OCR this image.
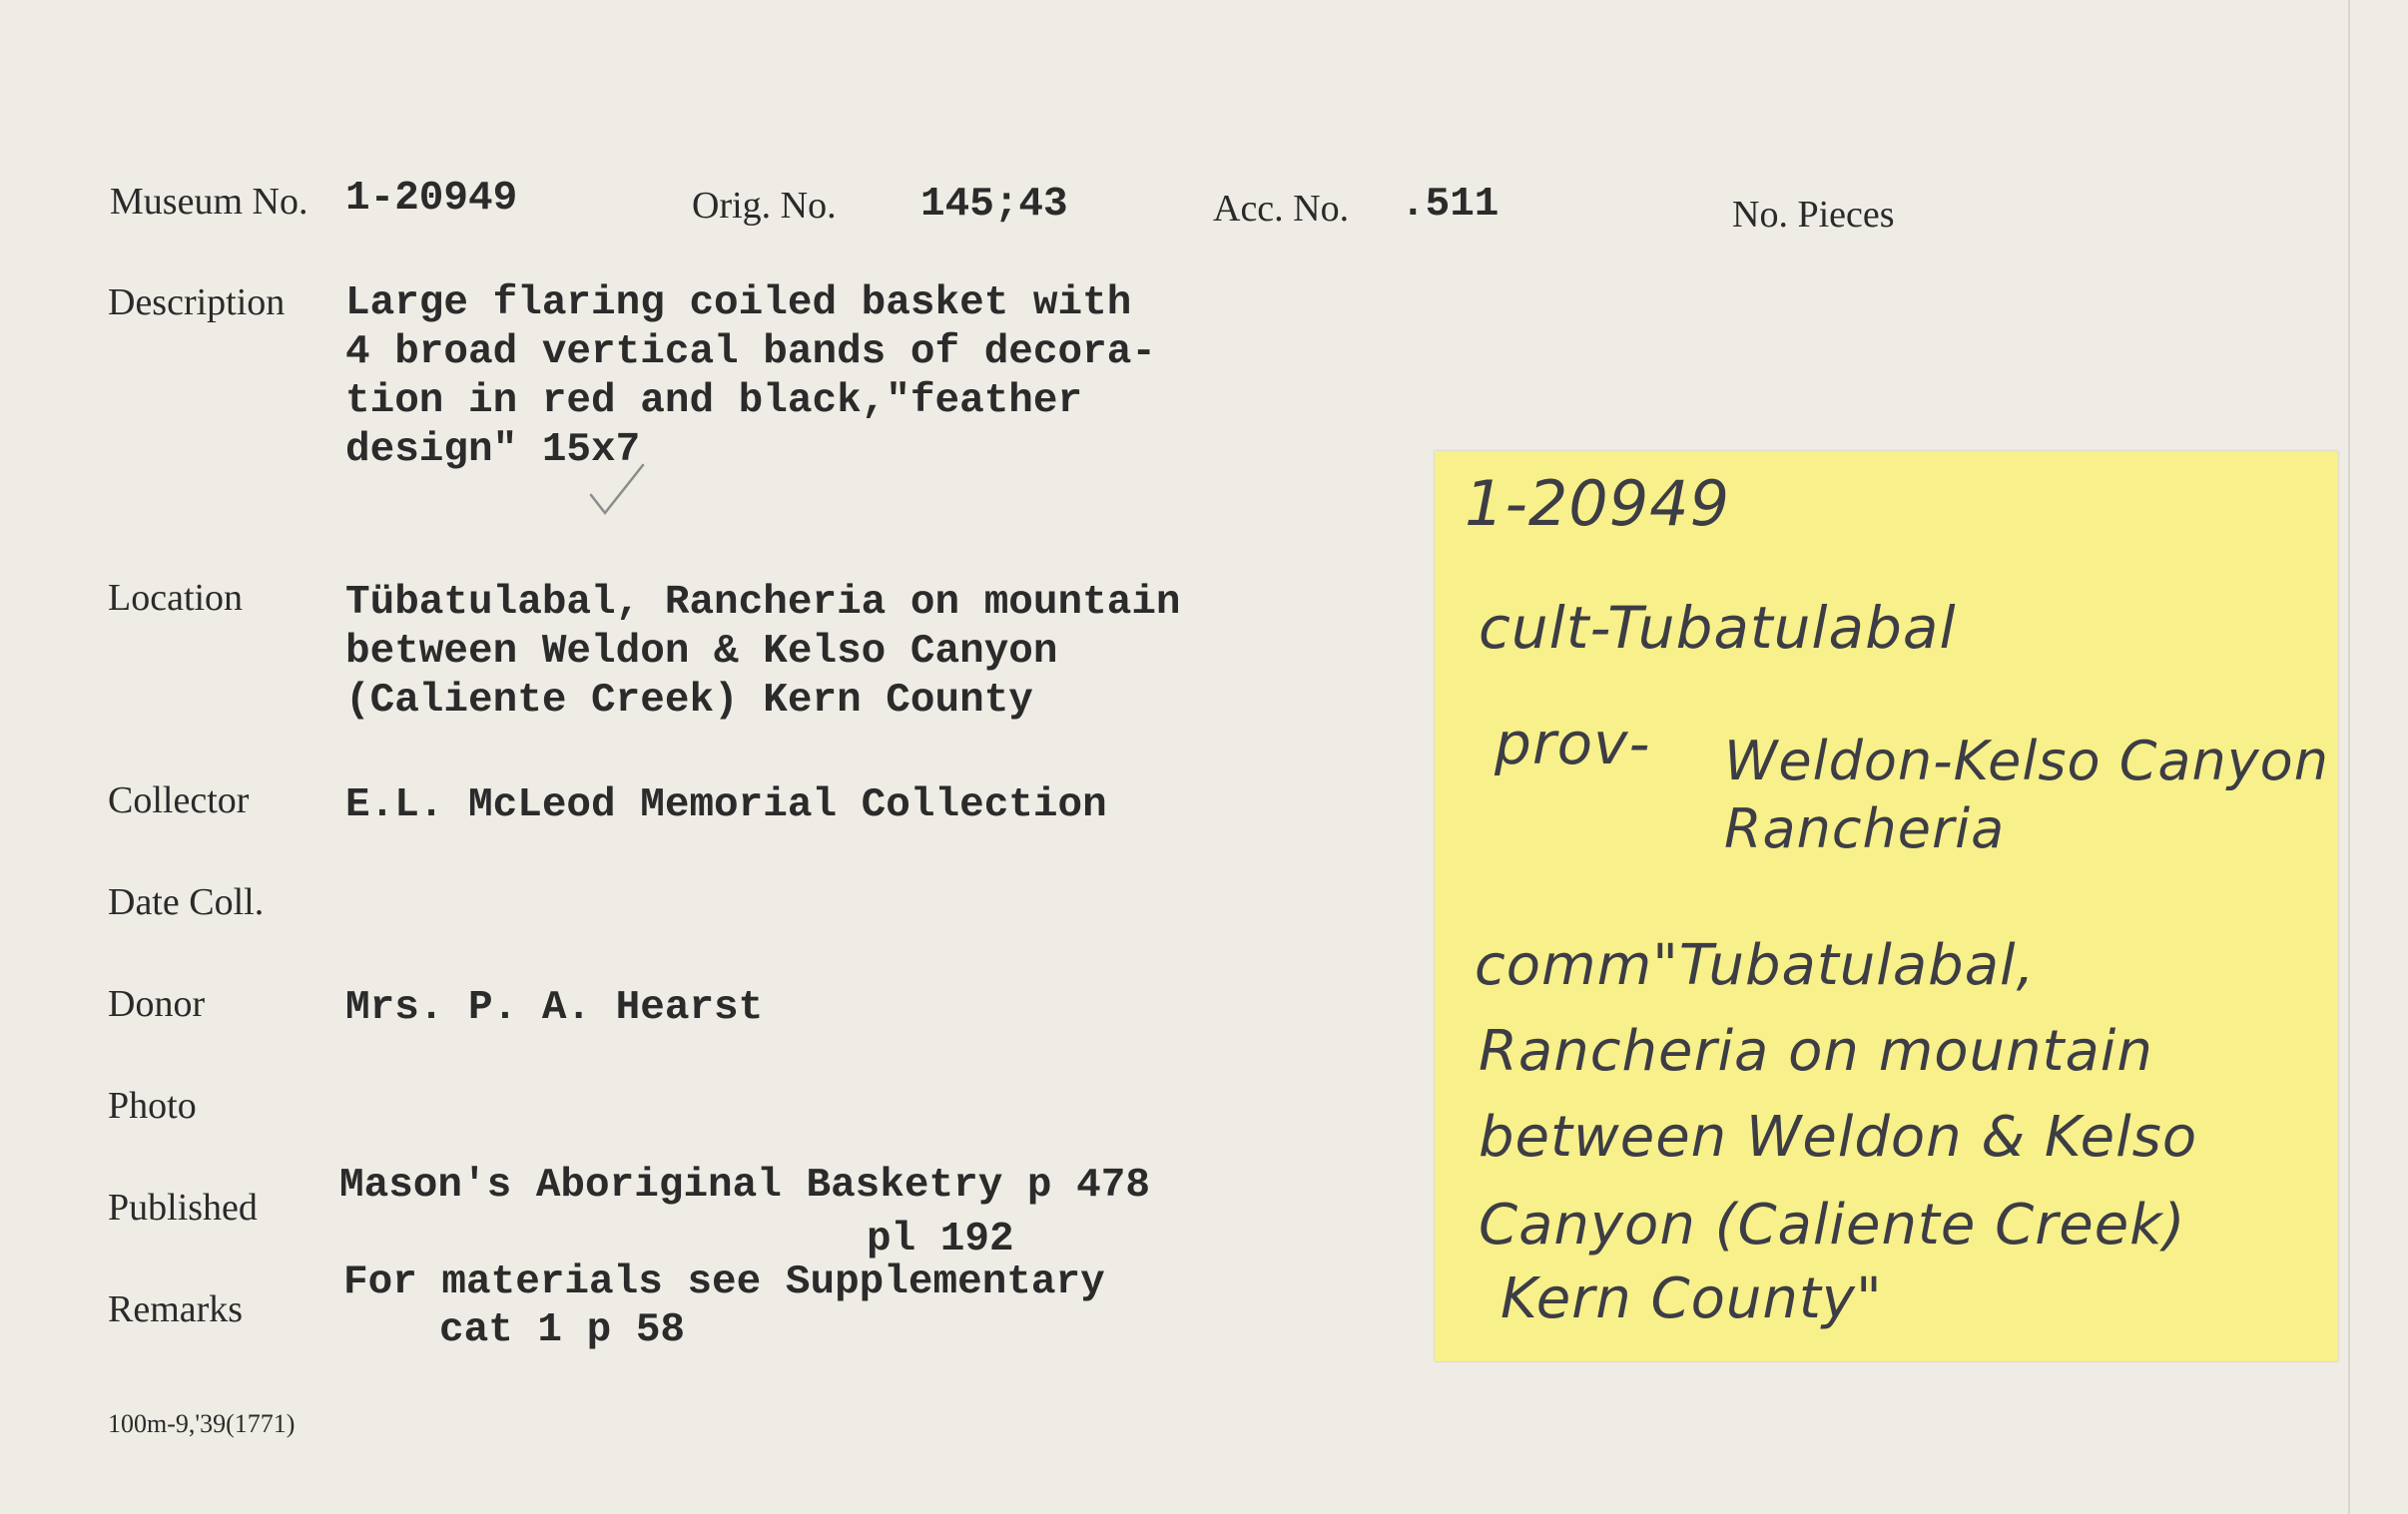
Museum No. 1-20949	Orig. No. 145;43	Acc. No. .511	No. Pieces
Description Large flaring coiled basket with
4 broad vertical bands of decora-
tion in red and black,"feather
design" 15x7
Location	Tübatulabal, Rancheria on mountain
between Weldon & Kelso Canyon
(Caliente Creek) Kern County
Collector E.L. McLeod Memorial Collection
Date Coll.
Donor	Mrs. P. A. Hearst
Photo
Published Mason's Aboriginal Basketry p 478
pl 192
Remarks
For materials see Supplementary
cat 1 p 58
100m-9,'39(1771)
1-20949
cult-Tubatulabal
prov- Weldon-Kelso Canyon
Rancheria
comm"Tubatulabal,
Rancheria on mountain
between Weldon & Kelso
Canyon (Caliente Creek)
Kern County"
